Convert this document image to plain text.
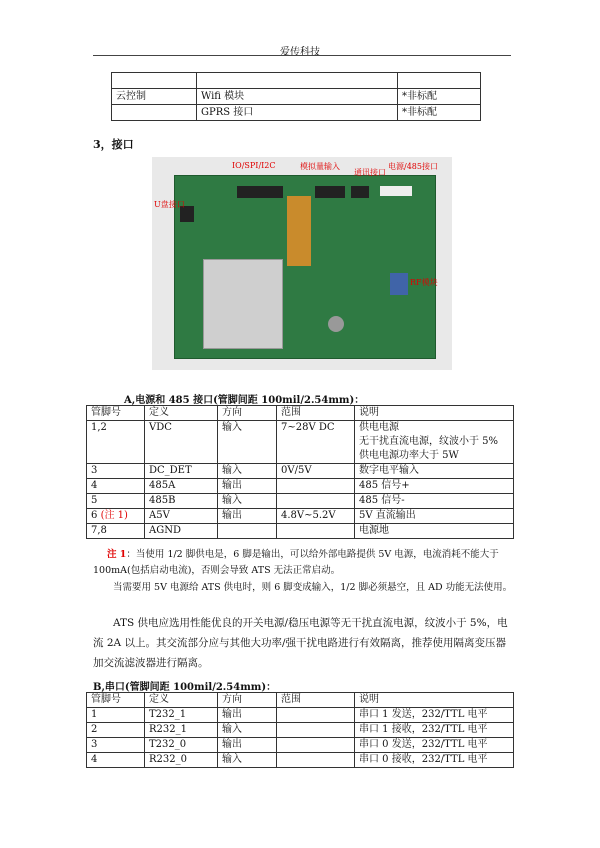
爱传科技

云控制	Wifi 模块	*非标配
	GPRS 接口	*非标配
3，接口
IO/SPI/I2C	模拟量输入
通讯接口
电源/485接口
U盘接口
RF模块
A,电源和 485 接口(管脚间距 100mil/2.54mm)：
管脚号	定义	方向	范围	说明
1,2	VDC	输入	7~28V DC	供电电源
无干扰直流电源，纹波小于 5%
供电电源功率大于 5W

3	DC_DET	输入	0V/5V	数字电平输入
4	485A	输出		485 信号+
5	485B	输入		485 信号-
6 (注 1)	A5V	输出	4.8V~5.2V	5V 直流输出
7,8	AGND			电源地
注 1：当使用 1/2 脚供电是，6 脚是输出，可以给外部电路提供 5V 电源，电流消耗不能大于 100mA(包括启动电流)，否则会导致 ATS 无法正常启动。
当需要用 5V 电源给 ATS 供电时，则 6 脚变成输入，1/2 脚必须悬空，且 AD 功能无法使用。
ATS 供电应选用性能优良的开关电源/稳压电源等无干扰直流电源，纹波小于 5%，电流 2A 以上。其交流部分应与其他大功率/强干扰电路进行有效隔离，推荐使用隔离变压器加交流滤波器进行隔离。
B,串口(管脚间距 100mil/2.54mm)：
管脚号	定义	方向	范围	说明
1	T232_1	输出		串口 1 发送，232/TTL 电平
2	R232_1	输入		串口 1 接收，232/TTL 电平
3	T232_0	输出		串口 0 发送，232/TTL 电平
4	R232_0	输入		串口 0 接收，232/TTL 电平
